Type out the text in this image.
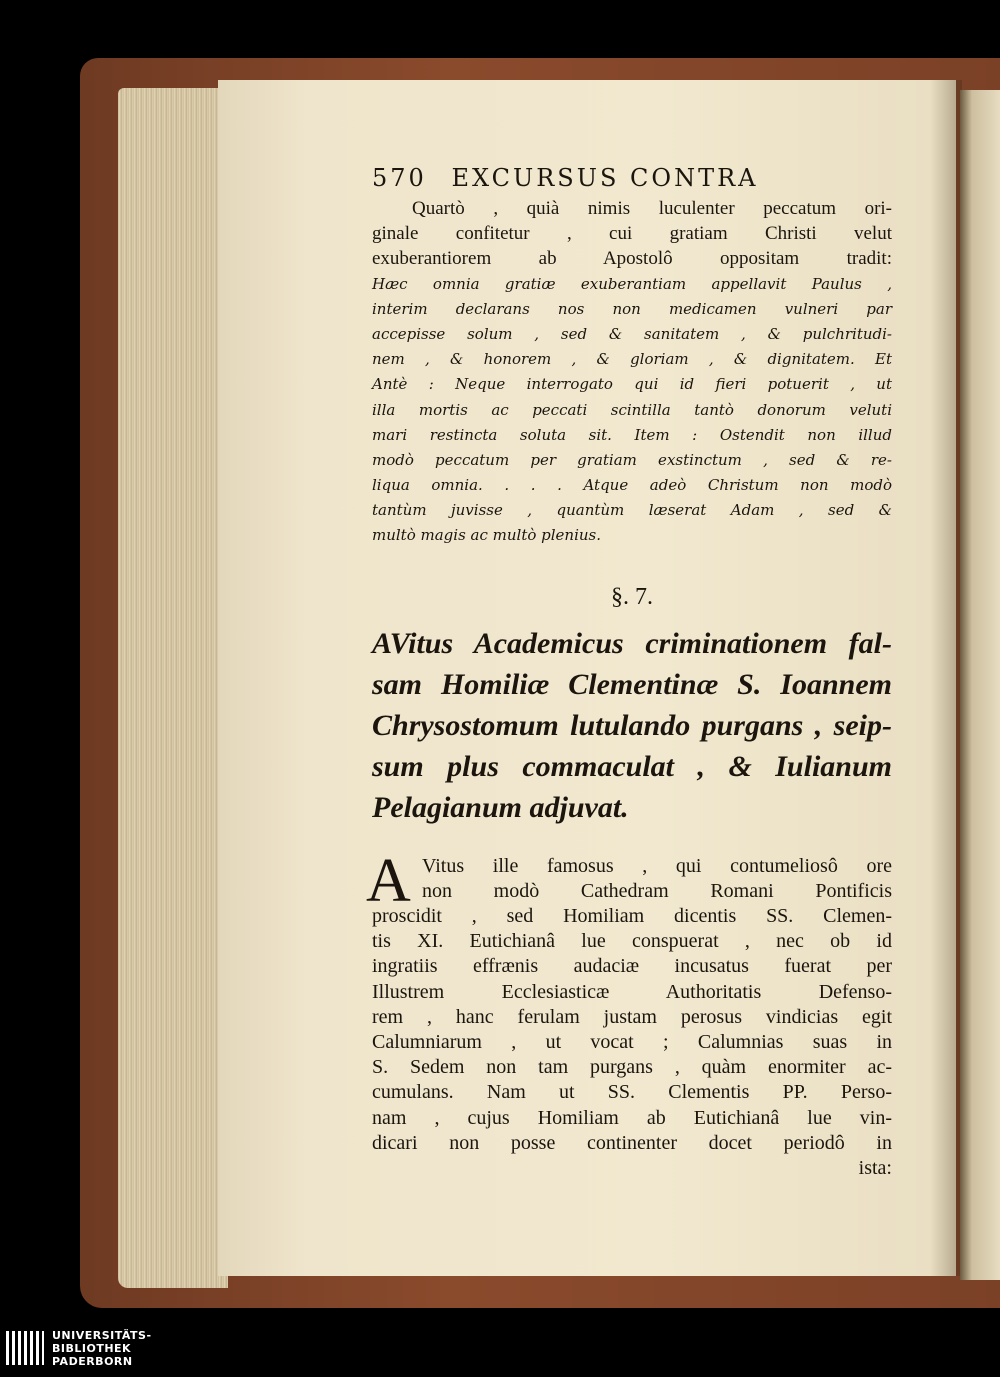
570 EXCURSUS CONTRA
Quartò , quià nimis luculenter peccatum ori-
ginale confitetur , cui gratiam Christi velut
exuberantiorem ab Apostolô oppositam tradit:
Hæc omnia gratiæ exuberantiam appellavit Paulus ,
interim declarans nos non medicamen vulneri par
accepisse solum , sed & sanitatem , & pulchritudi-
nem , & honorem , & gloriam , & dignitatem. Et
Antè : Neque interrogato qui id fieri potuerit , ut
illa mortis ac peccati scintilla tantò donorum veluti
mari restincta soluta sit. Item : Ostendit non illud
modò peccatum per gratiam exstinctum , sed & re-
liqua omnia. . . . Atque adeò Christum non modò
tantùm juvisse , quantùm læserat Adam , sed &
multò magis ac multò plenius.
§. 7.
AVitus Academicus criminationem fal-
sam Homiliæ Clementinæ S. Ioannem
Chrysostomum lutulando purgans , seip-
sum plus commaculat , & Iulianum
Pelagianum adjuvat.
A Vitus ille famosus , qui contumeliosô ore
non modò Cathedram Romani Pontificis
proscidit , sed Homiliam dicentis SS. Clemen-
tis XI. Eutichianâ lue conspuerat , nec ob id
ingratiis effrænis audaciæ incusatus fuerat per
Illustrem Ecclesiasticæ Authoritatis Defenso-
rem , hanc ferulam justam perosus vindicias egit
Calumniarum , ut vocat ; Calumnias suas in
S. Sedem non tam purgans , quàm enormiter ac-
cumulans. Nam ut SS. Clementis PP. Perso-
nam , cujus Homiliam ab Eutichianâ lue vin-
dicari non posse continenter docet periodô in
ista:
UNIVERSITÄTS-
BIBLIOTHEK
PADERBORN
